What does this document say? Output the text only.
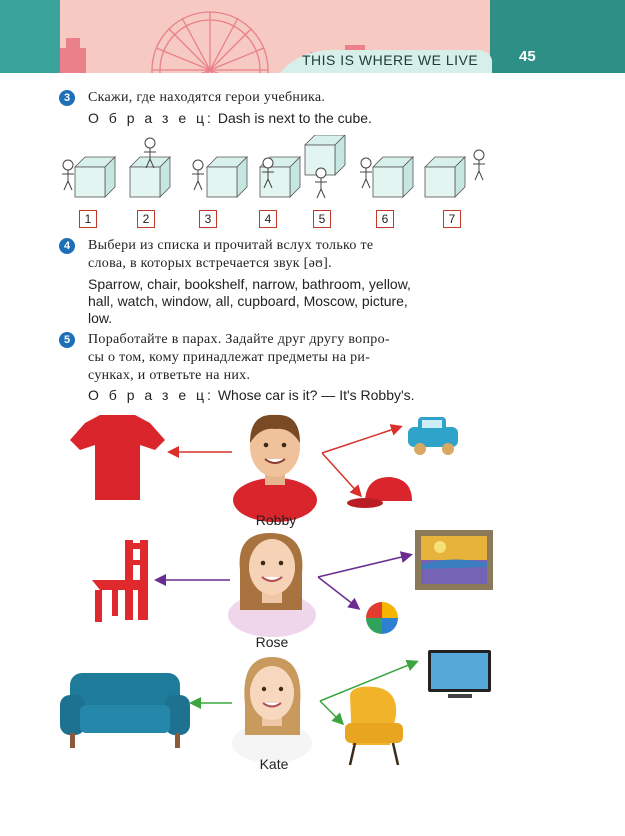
THIS IS WHERE WE LIVE	45
3	Скажи, где находятся герои учебника.
О б р а з е ц: Dash is next to the cube.
1	2	3	4	5	6	7
4	Выбери из списка и прочитай вслух только те
слова, в которых встречается звук [əʊ].
Sparrow, chair, bookshelf, narrow, bathroom, yellow,
hall, watch, window, all, cupboard, Moscow, picture,
low.
5	Поработайте в парах. Задайте друг другу вопро-
сы о том, кому принадлежат предметы на ри-
сунках, и ответьте на них.
О б р а з е ц: Whose car is it? — It's Robby's.
Robby
Rose
Kate
